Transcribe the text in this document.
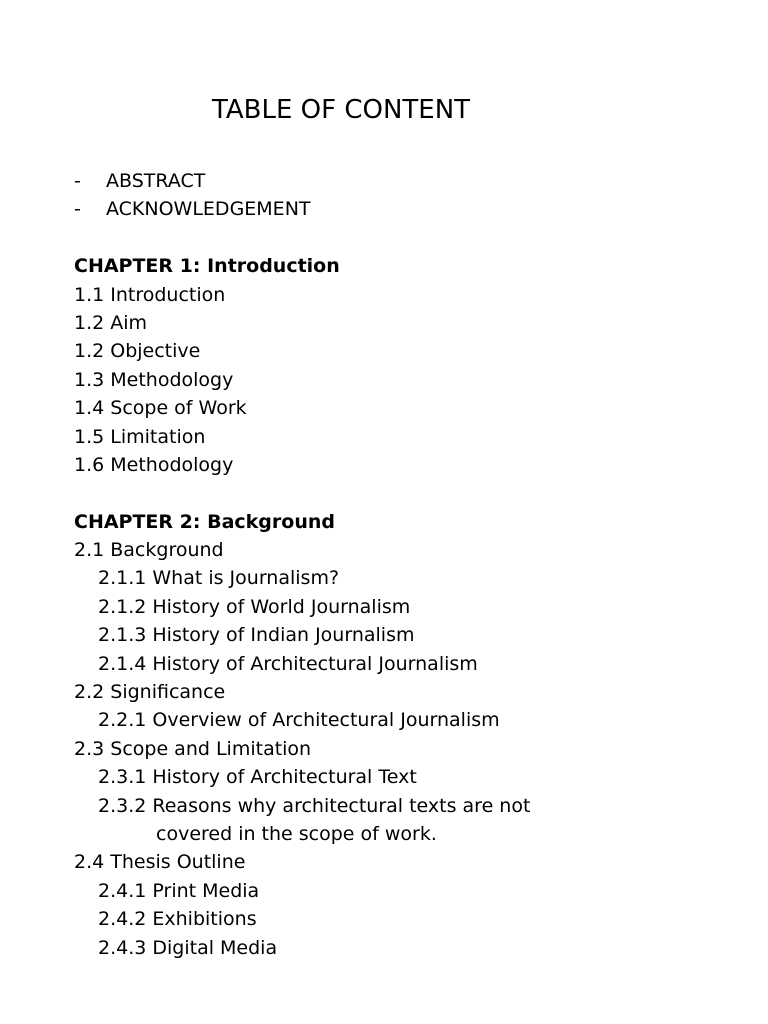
TABLE OF CONTENT
- ABSTRACT
- ACKNOWLEDGEMENT
CHAPTER 1: Introduction
1.1 Introduction
1.2 Aim
1.2 Objective
1.3 Methodology
1.4 Scope of Work
1.5 Limitation
1.6 Methodology
CHAPTER 2: Background
2.1 Background
2.1.1 What is Journalism?
2.1.2 History of World Journalism
2.1.3 History of Indian Journalism
2.1.4 History of Architectural Journalism
2.2 Significance
2.2.1 Overview of Architectural Journalism
2.3 Scope and Limitation
2.3.1 History of Architectural Text
2.3.2 Reasons why architectural texts are not
covered in the scope of work.
2.4 Thesis Outline
2.4.1 Print Media
2.4.2 Exhibitions
2.4.3 Digital Media
